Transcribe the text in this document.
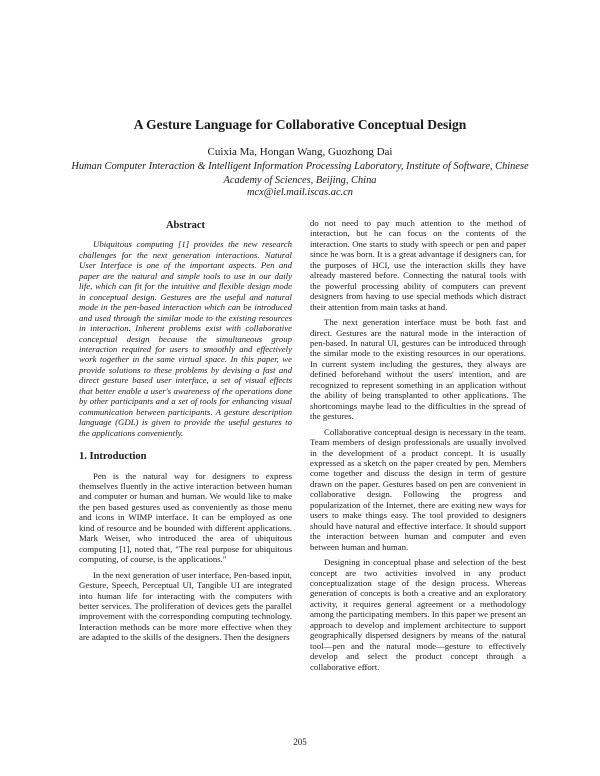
A Gesture Language for Collaborative Conceptual Design
Cuixia Ma, Hongan Wang, Guozhong Dai
Human Computer Interaction & Intelligent Information Processing Laboratory, Institute of Software, Chinese Academy of Sciences, Beijing, China
mcx@iel.mail.iscas.ac.cn
Abstract

Ubiquitous computing [1] provides the new research challenges for the next generation interactions. Natural User Interface is one of the important aspects. Pen and paper are the natural and simple tools to use in our daily life, which can fit for the intuitive and flexible design mode in conceptual design. Gestures are the useful and natural mode in the pen-based interaction which can be introduced and used through the similar mode to the existing resources in interaction. Inherent problems exist with collaborative conceptual design because the simultaneous group interaction required for users to smoothly and effectively work together in the same virtual space. In this paper, we provide solutions to these problems by devising a fast and direct gesture based user interface, a set of visual effects that better enable a user's awareness of the operations done by other participants and a set of tools for enhancing visual communication between participants. A gesture description language (GDL) is given to provide the useful gestures to the applications conveniently.

1. Introduction

Pen is the natural way for designers to express themselves fluently in the active interaction between human and computer or human and human. We would like to make the pen based gestures used as conveniently as those menu and icons in WIMP interface. It can be employed as one kind of resource and be bounded with different applications. Mark Weiser, who introduced the area of ubiquitous computing [1], noted that, "The real purpose for ubiquitous computing, of course, is the applications."

In the next generation of user interface, Pen-based input, Gesture, Speech, Perceptual UI, Tangible UI are integrated into human life for interacting with the computers with better services. The proliferation of devices gets the parallel improvement with the corresponding computing technology. Interaction methods can be more more effective when they are adapted to the skills of the designers. Then the designers

do not need to pay much attention to the method of interaction, but he can focus on the contents of the interaction. One starts to study with speech or pen and paper since he was born. It is a great advantage if designers can, for the purposes of HCI, use the interaction skills they have already mastered before. Connecting the natural tools with the powerful processing ability of computers can prevent designers from having to use special methods which distract their attention from main tasks at hand.

The next generation interface must be both fast and direct. Gestures are the natural mode in the interaction of pen-based. In natural UI, gestures can be introduced through the similar mode to the existing resources in our operations. In current system including the gestures, they always are defined beforehand without the users' intention, and are recognized to represent something in an application without the ability of being transplanted to other applications. The shortcomings maybe lead to the difficulties in the spread of the gestures.

Collaborative conceptual design is necessary in the team. Team members of design professionals are usually involved in the development of a product concept. It is usually expressed as a sketch on the paper created by pen. Members come together and discuss the design in term of gesture drawn on the paper. Gestures based on pen are convenient in collaborative design. Following the progress and popularization of the Internet, there are exiting new ways for users to make things easy. The tool provided to designers should have natural and effective interface. It should support the interaction between human and computer and even between human and human.

Designing in conceptual phase and selection of the best concept are two activities involved in any product conceptualization stage of the design process. Whereas generation of concepts is both a creative and an exploratory activity, it requires general agreement or a methodology among the participating members. In this paper we present an approach to develop and implement architecture to support geographically dispersed designers by means of the natural tool—pen and the natural mode—gesture to effectively develop and select the product concept through a collaborative effort.

205
